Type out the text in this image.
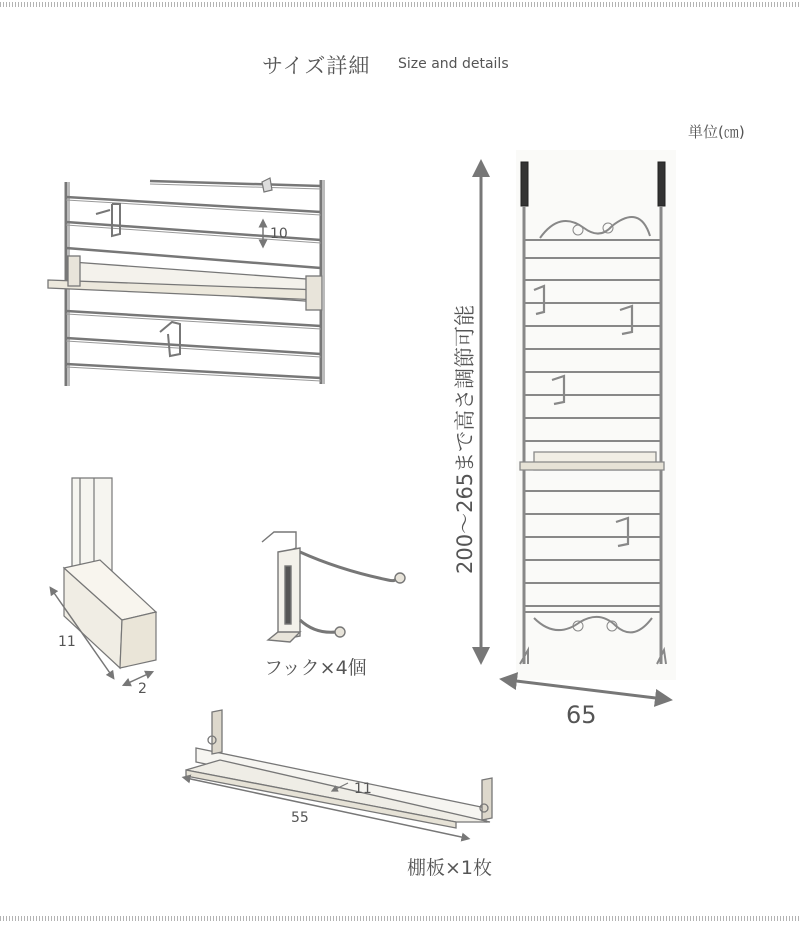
サイズ詳細 Size and details
単位(㎝)
10
11
2
フック×4個
11
55
棚板×1枚
200〜265まで高さ調節可能
65
